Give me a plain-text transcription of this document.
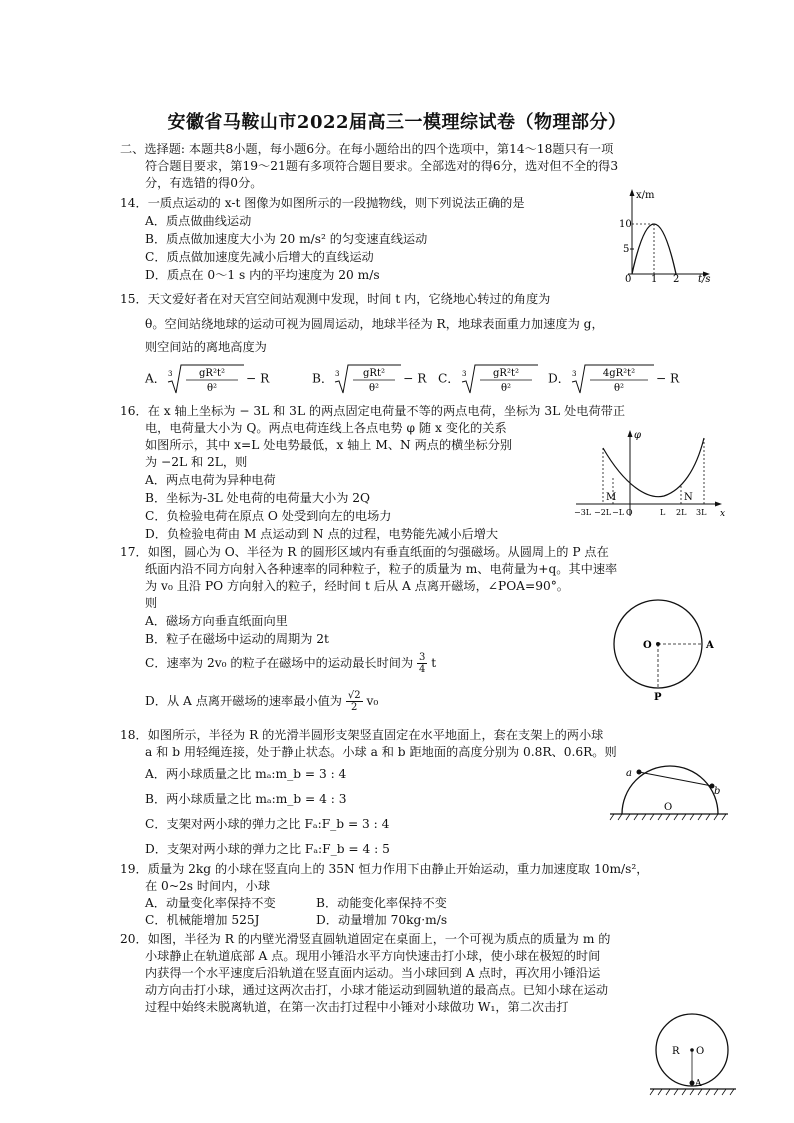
安徽省马鞍山市2022届高三一模理综试卷（物理部分）
二、选择题: 本题共8小题，每小题6分。在每小题给出的四个选项中，第14～18题只有一项
符合题目要求，第19～21题有多项符合题目要求。全部选对的得6分，选对但不全的得3
分，有选错的得0分。
14．一质点运动的 x-t 图像为如图所示的一段抛物线，则下列说法正确的是
A．质点做曲线运动
B．质点做加速度大小为 20 m/s² 的匀变速直线运动
C．质点做加速度先减小后增大的直线运动
D．质点在 0～1 s 内的平均速度为 20 m/s
x/m
t/s
10
5
0 1 2
15．天文爱好者在对天宫空间站观测中发现，时间 t 内，它绕地心转过的角度为
θ。空间站绕地球的运动可视为圆周运动，地球半径为 R，地球表面重力加速度为 g，
则空间站的离地高度为
A． 3	gR²t²
θ²
− R	B． 3 gRt²
θ²
− R C． 3	gR²t²
θ²
D． 3	4gR²t²
θ²
− R
16．在 x 轴上坐标为 − 3L 和 3L 的两点固定电荷量不等的两点电荷，坐标为 3L 处电荷带正
电，电荷量大小为 Q。两点电荷连线上各点电势 φ 随 x 变化的关系
如图所示，其中 x=L 处电势最低，x 轴上 M、N 两点的横坐标分别
为 −2L 和 2L，则
A．两点电荷为异种电荷
B．坐标为-3L 处电荷的电荷量大小为 2Q
C．负检验电荷在原点 O 处受到向左的电场力
D．负检验电荷由 M 点运动到 N 点的过程，电势能先减小后增大
φ
x
M	N
−3L −2L −L O	L 2L 3L
17．如图，圆心为 O、半径为 R 的圆形区域内有垂直纸面的匀强磁场。从圆周上的 P 点在
纸面内沿不同方向射入各种速率的同种粒子，粒子的质量为 m、电荷量为+q。其中速率
为 v₀ 且沿 PO 方向射入的粒子，经时间 t 后从 A 点离开磁场，∠POA=90°。
则
A．磁场方向垂直纸面向里
B．粒子在磁场中运动的周期为 2t
C．速率为 2v₀ 的粒子在磁场中的运动最长时间为 $\frac{3}{4}$ t
D．从 A 点离开磁场的速率最小值为 $\frac{√2}{2} v_0$
O	A
P
18．如图所示，半径为 R 的光滑半圆形支架竖直固定在水平地面上，套在支架上的两小球
a 和 b 用轻绳连接，处于静止状态。小球 a 和 b 距地面的高度分别为 0.8R、0.6R。则
A．两小球质量之比 mₐ:m_b = 3 : 4
B．两小球质量之比 mₐ:m_b = 4 : 3
C．支架对两小球的弹力之比 Fₐ:F_b = 3 : 4
D．支架对两小球的弹力之比 Fₐ:F_b = 4 : 5
a
b
O
19．质量为 2kg 的小球在竖直向上的 35N 恒力作用下由静止开始运动，重力加速度取 10m/s²，
在 0~2s 时间内，小球
A．动量变化率保持不变	B．动能变化率保持不变
C．机械能增加 525J	D．动量增加 70kg·m/s
20．如图，半径为 R 的内壁光滑竖直圆轨道固定在桌面上，一个可视为质点的质量为 m 的
小球静止在轨道底部 A 点。现用小锤沿水平方向快速击打小球，使小球在极短的时间
内获得一个水平速度后沿轨道在竖直面内运动。当小球回到 A 点时，再次用小锤沿运
动方向击打小球，通过这两次击打，小球才能运动到圆轨道的最高点。已知小球在运动
过程中始终未脱离轨道，在第一次击打过程中小锤对小球做功 W₁，第二次击打
R O
A
